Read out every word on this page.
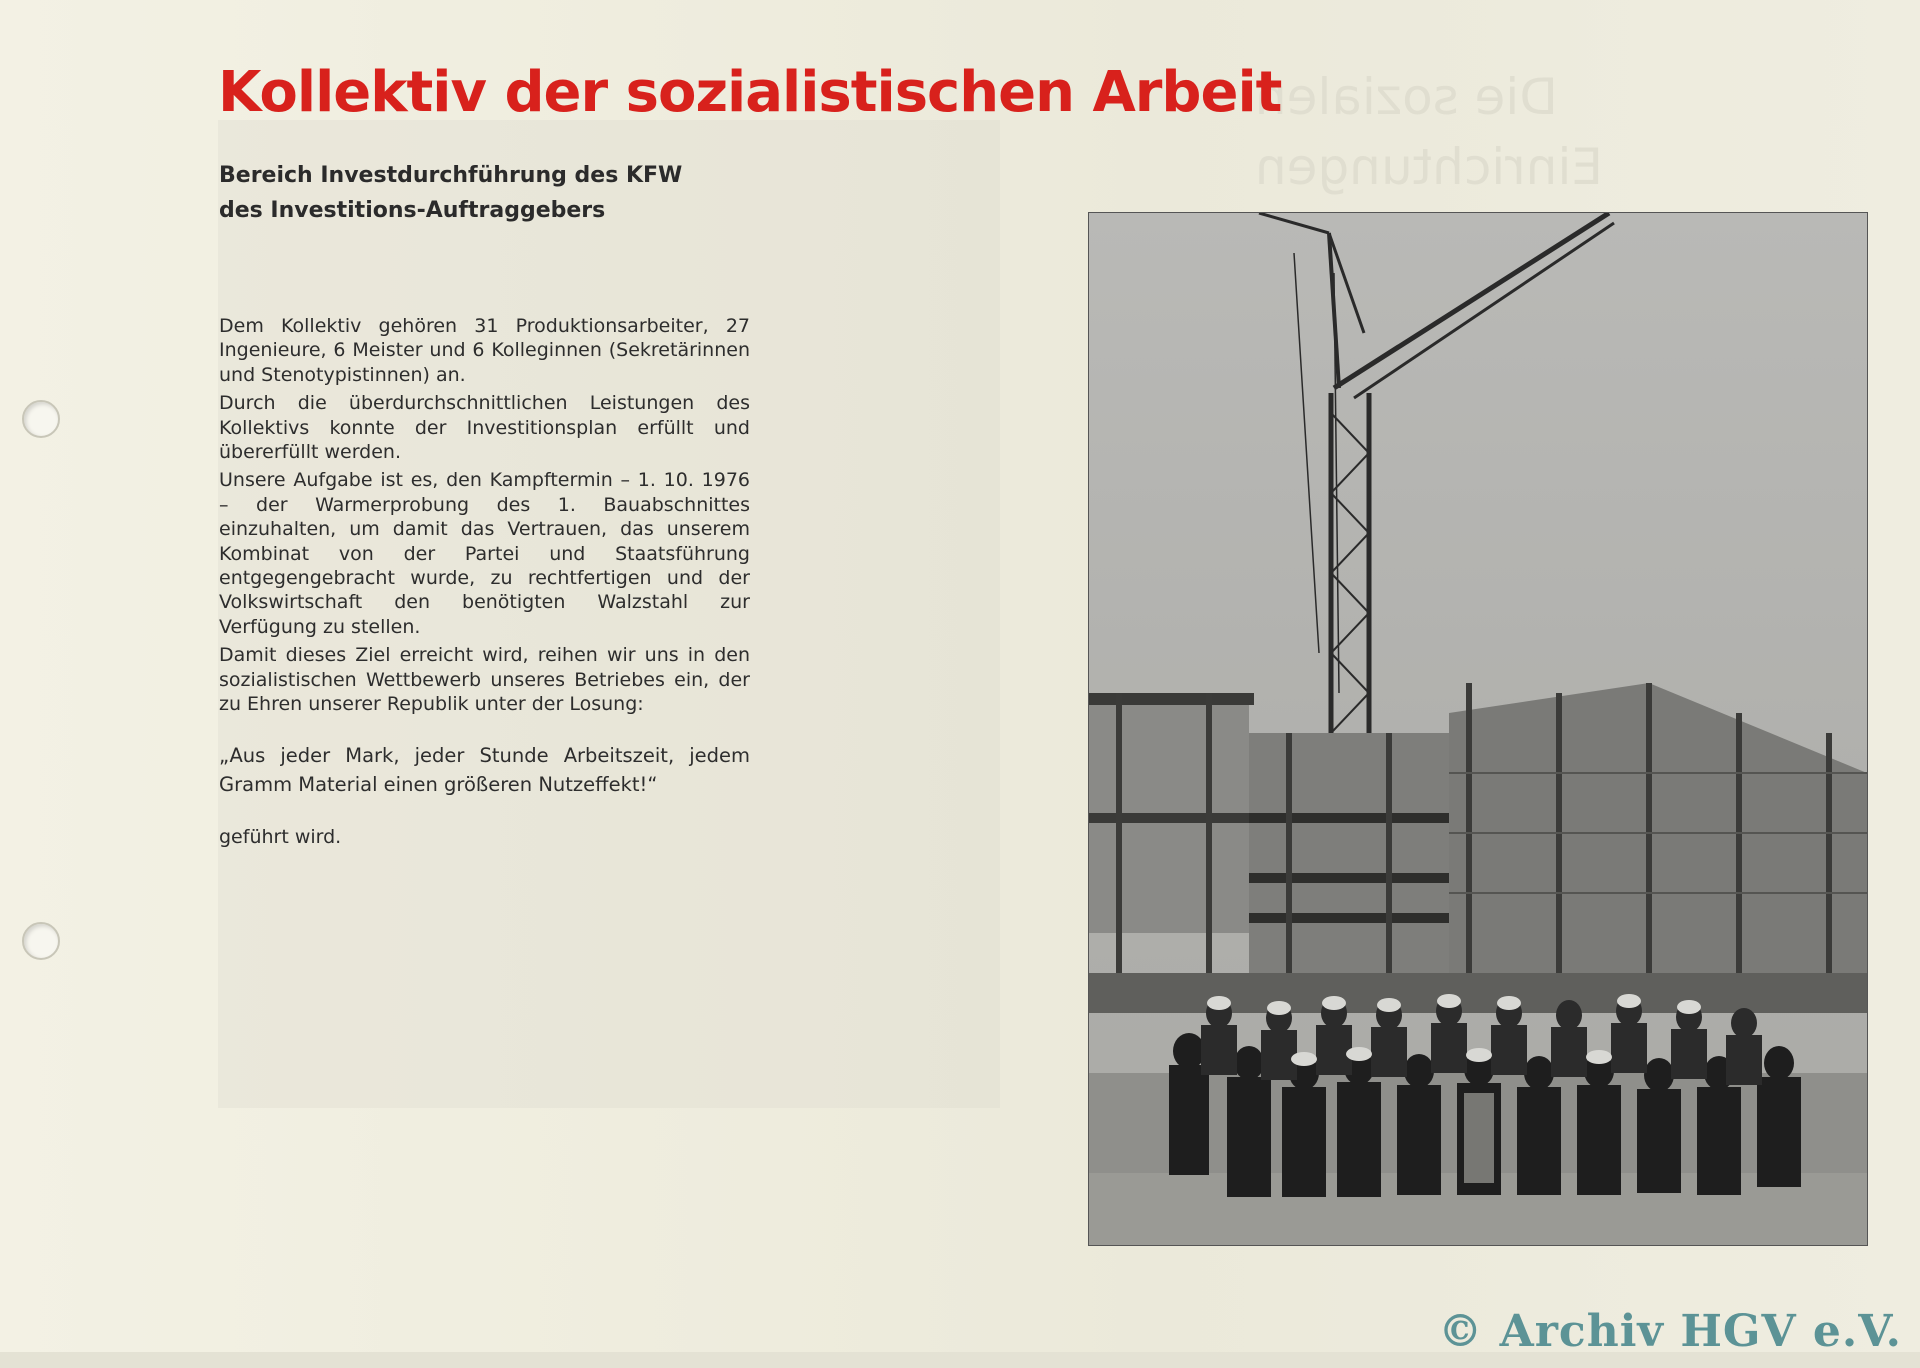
Die sozialen Einrichtungen

Kollektiv der sozialistischen Arbeit
Bereich Investdurchführung des KFW
des Investitions-Auftraggebers

Dem Kollektiv gehören 31 Produktionsarbeiter, 27 Ingenieure, 6 Meister und 6 Kolleginnen (Sekretärinnen und Stenotypistinnen) an.

Durch die überdurchschnittlichen Leistungen des Kollektivs konnte der Investitionsplan erfüllt und übererfüllt werden.

Unsere Aufgabe ist es, den Kampftermin – 1. 10. 1976 – der Warmerprobung des 1. Bauabschnittes einzuhalten, um damit das Vertrauen, das unserem Kombinat von der Partei und Staatsführung entgegengebracht wurde, zu rechtfertigen und der Volkswirtschaft den benötigten Walzstahl zur Verfügung zu stellen.

Damit dieses Ziel erreicht wird, reihen wir uns in den sozialistischen Wettbewerb unseres Betriebes ein, der zu Ehren unserer Republik unter der Losung:

„Aus jeder Mark, jeder Stunde Arbeitszeit, jedem Gramm Material einen größeren Nutzeffekt!“

geführt wird.

© Archiv HGV e.V.
